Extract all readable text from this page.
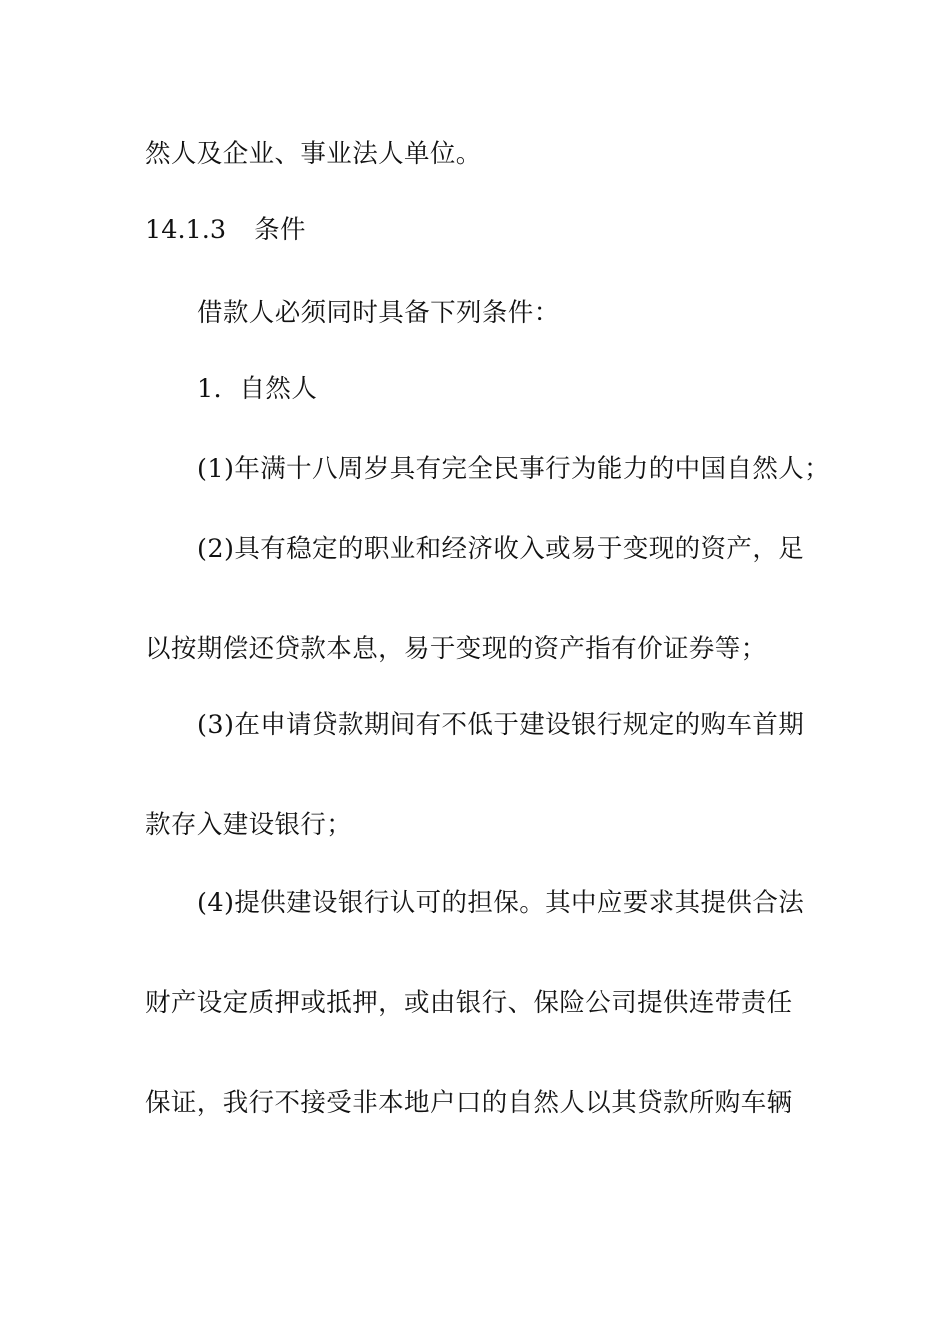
然人及企业、事业法人单位。
14.1.3 条件
借款人必须同时具备下列条件：
1．自然人
(1)年满十八周岁具有完全民事行为能力的中国自然人；
(2)具有稳定的职业和经济收入或易于变现的资产，足
以按期偿还贷款本息，易于变现的资产指有价证券等；
(3)在申请贷款期间有不低于建设银行规定的购车首期
款存入建设银行；
(4)提供建设银行认可的担保。其中应要求其提供合法
财产设定质押或抵押，或由银行、保险公司提供连带责任
保证，我行不接受非本地户口的自然人以其贷款所购车辆
